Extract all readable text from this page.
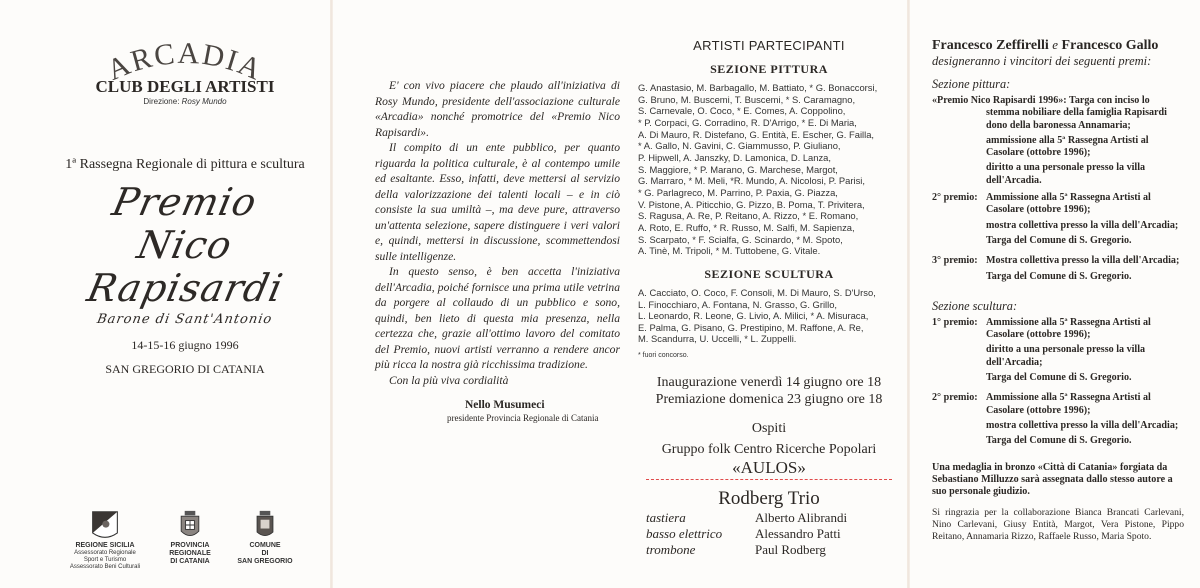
ARCADIA
CLUB DEGLI ARTISTI
Direzione: Rosy Mundo
1ª Rassegna Regionale di pittura e scultura
Premio
Nico
Rapisardi
Barone di Sant'Antonio
14-15-16 giugno 1996
SAN GREGORIO DI CATANIA
REGIONE SICILIA
Assessorato Regionale
Sport e Turismo
Assessorato Beni Culturali
PROVINCIA
REGIONALE
DI CATANIA
COMUNE
DI
SAN GREGORIO

E' con vivo piacere che plaudo all'iniziativa di Rosy Mundo, presidente dell'associazione culturale «Arcadia» nonché promotrice del «Premio Nico Rapisardi».

Il compito di un ente pubblico, per quanto riguarda la politica culturale, è al contempo umile ed esaltante. Esso, infatti, deve mettersi al servizio della valorizzazione dei talenti locali – e in ciò consiste la sua umiltà –, ma deve pure, attraverso un'attenta selezione, sapere distinguere i veri valori e, quindi, mettersi in discussione, scommettendosi sulle intelligenze.

In questo senso, è ben accetta l'iniziativa dell'Arcadia, poiché fornisce una prima utile vetrina da porgere al collaudo di un pubblico e sono, quindi, ben lieto di questa mia presenza, nella certezza che, grazie all'ottimo lavoro del comitato del Premio, nuovi artisti verranno a rendere ancor più ricca la nostra già ricchissima tradizione.

Con la più viva cordialità

Nello Musumeci
presidente Provincia Regionale di Catania
ARTISTI PARTECIPANTI
SEZIONE PITTURA
G. Anastasio, M. Barbagallo, M. Battiato, * G. Bonaccorsi,
G. Bruno, M. Buscemi, T. Buscemi, * S. Caramagno,
S. Carnevale, O. Coco, * E. Comes, A. Coppolino,
* P. Corpaci, G. Corradino, R. D'Arrigo, * E. Di Maria,
A. Di Mauro, R. Distefano, G. Entità, E. Escher, G. Failla,
* A. Gallo, N. Gavini, C. Giammusso, P. Giuliano,
P. Hipwell, A. Janszky, D. Lamonica, D. Lanza,
S. Maggiore, * P. Marano, G. Marchese, Margot,
G. Marraro, * M. Meli, *R. Mundo, A. Nicolosi, P. Parisi,
* G. Parlagreco, M. Parrino, P. Paxia, G. Piazza,
V. Pistone, A. Piticchio, G. Pizzo, B. Poma, T. Privitera,
S. Ragusa, A. Re, P. Reitano, A. Rizzo, * E. Romano,
A. Roto, E. Ruffo, * R. Russo, M. Salfi, M. Sapienza,
S. Scarpato, * F. Scialfa, G. Scinardo, * M. Spoto,
A. Tinè, M. Tripoli, * M. Tuttobene, G. Vitale.
SEZIONE SCULTURA
A. Cacciato, O. Coco, F. Consoli, M. Di Mauro, S. D'Urso,
L. Finocchiaro, A. Fontana, N. Grasso, G. Grillo,
L. Leonardo, R. Leone, G. Livio, A. Milici, * A. Misuraca,
E. Palma, G. Pisano, G. Prestipino, M. Raffone, A. Re,
M. Scandurra, U. Uccelli, * L. Zuppelli.
* fuori concorso.
Inaugurazione venerdì 14 giugno ore 18
Premiazione domenica 23 giugno ore 18
Ospiti
Gruppo folk Centro Ricerche Popolari
«AULOS»
Rodberg Trio
tastiera	Alberto Alibrandi
basso elettrico	Alessandro Patti
trombone	Paul Rodberg
Francesco Zeffirelli e Francesco Gallo
designeranno i vincitori dei seguenti premi:
Sezione pittura:
«Premio Nico Rapisardi 1996»: Targa con inciso lo stemma nobiliare della famiglia Rapisardi dono della baronessa Annamaria;
ammissione alla 5ª Rassegna Artisti al Casolare (ottobre 1996);
diritto a una personale presso la villa dell'Arcadia.
2° premio: Ammissione alla 5ª Rassegna Artisti al Casolare (ottobre 1996);
mostra collettiva presso la villa dell'Arcadia;
Targa del Comune di S. Gregorio.
3° premio: Mostra collettiva presso la villa dell'Arcadia;
Targa del Comune di S. Gregorio.
Sezione scultura:
1° premio: Ammissione alla 5ª Rassegna Artisti al Casolare (ottobre 1996);
diritto a una personale presso la villa dell'Arcadia;
Targa del Comune di S. Gregorio.
2° premio: Ammissione alla 5ª Rassegna Artisti al Casolare (ottobre 1996);
mostra collettiva presso la villa dell'Arcadia;
Targa del Comune di S. Gregorio.
Una medaglia in bronzo «Città di Catania» forgiata da Sebastiano Milluzzo sarà assegnata dallo stesso autore a suo personale giudizio.
Si ringrazia per la collaborazione Bianca Brancati Carlevani, Nino Carlevani, Giusy Entità, Margot, Vera Pistone, Pippo Reitano, Annamaria Rizzo, Raffaele Russo, Maria Spoto.
